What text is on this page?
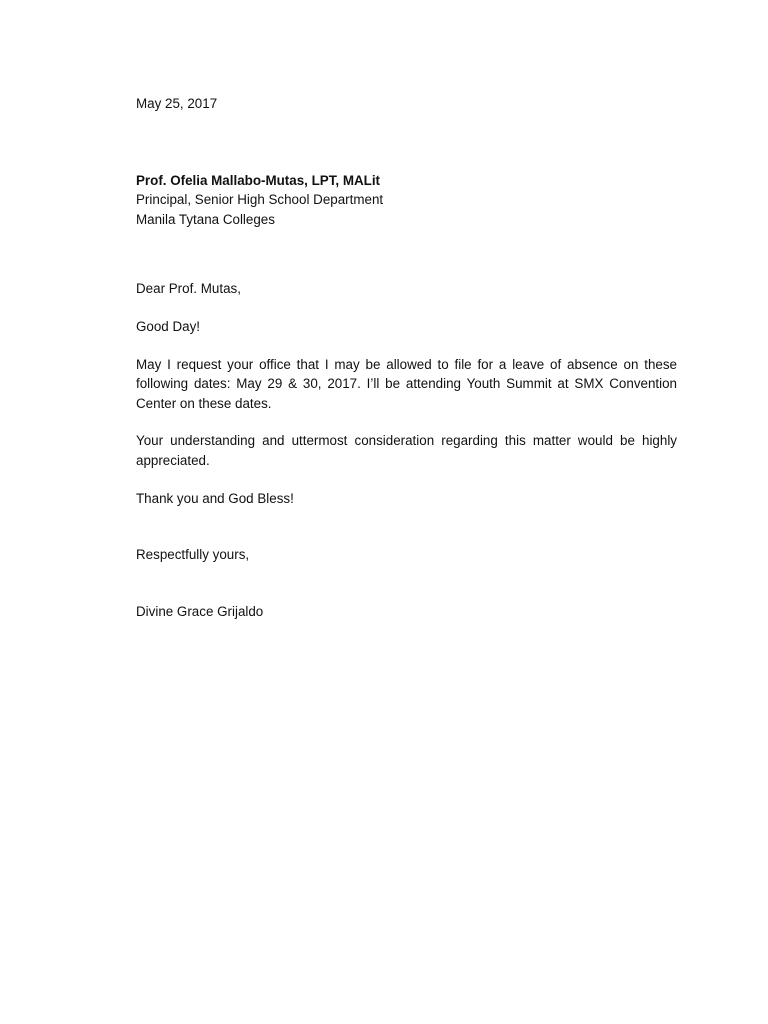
May 25, 2017

Prof. Ofelia Mallabo-Mutas, LPT, MALit

Principal, Senior High School Department

Manila Tytana Colleges

Dear Prof. Mutas,

Good Day!

May I request your office that I may be allowed to file for a leave of absence on these following dates: May 29 & 30, 2017. I’ll be attending Youth Summit at SMX Convention Center on these dates.

Your understanding and uttermost consideration regarding this matter would be highly appreciated.

Thank you and God Bless!

Respectfully yours,

Divine Grace Grijaldo
